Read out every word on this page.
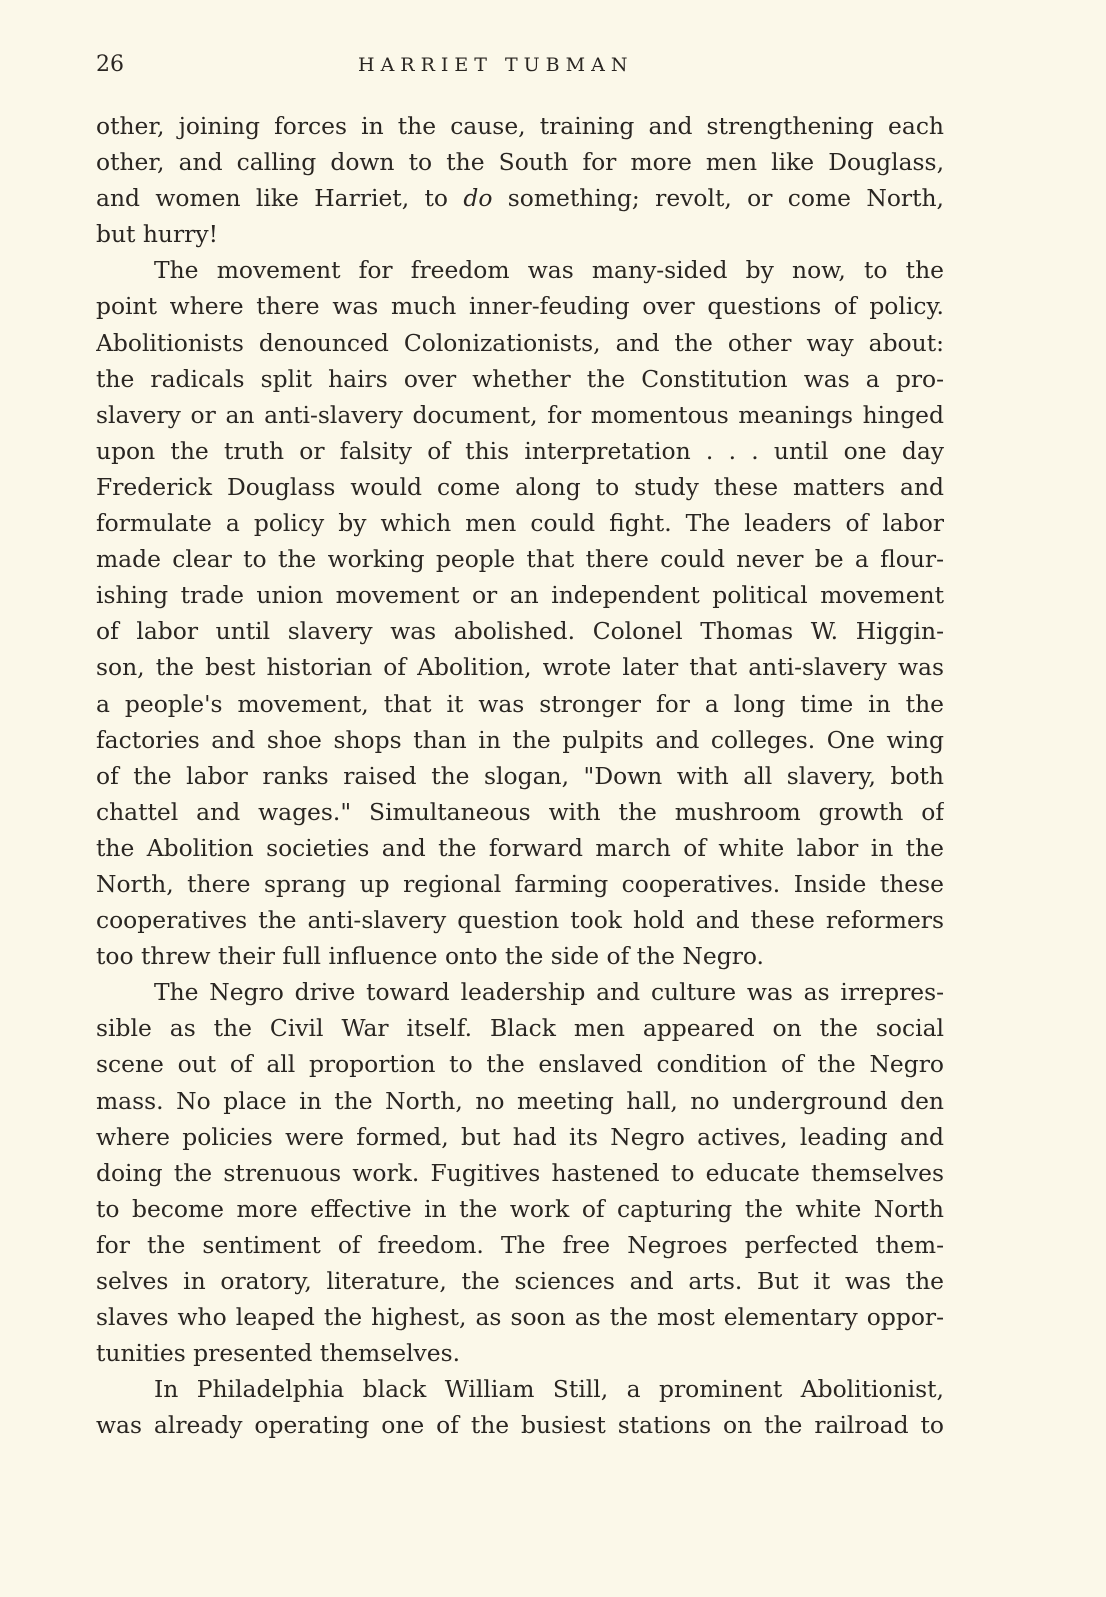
26	HARRIET TUBMAN
other, joining forces in the cause, training and strengthening each
other, and calling down to the South for more men like Douglass,
and women like Harriet, to do something; revolt, or come North,
but hurry!
The movement for freedom was many-sided by now, to the
point where there was much inner-feuding over questions of policy.
Abolitionists denounced Colonizationists, and the other way about:
the radicals split hairs over whether the Constitution was a pro-
slavery or an anti-slavery document, for momentous meanings hinged
upon the truth or falsity of this interpretation . . . until one day
Frederick Douglass would come along to study these matters and
formulate a policy by which men could fight. The leaders of labor
made clear to the working people that there could never be a flour-
ishing trade union movement or an independent political movement
of labor until slavery was abolished. Colonel Thomas W. Higgin-
son, the best historian of Abolition, wrote later that anti-slavery was
a people's movement, that it was stronger for a long time in the
factories and shoe shops than in the pulpits and colleges. One wing
of the labor ranks raised the slogan, "Down with all slavery, both
chattel and wages." Simultaneous with the mushroom growth of
the Abolition societies and the forward march of white labor in the
North, there sprang up regional farming cooperatives. Inside these
cooperatives the anti-slavery question took hold and these reformers
too threw their full influence onto the side of the Negro.
The Negro drive toward leadership and culture was as irrepres-
sible as the Civil War itself. Black men appeared on the social
scene out of all proportion to the enslaved condition of the Negro
mass. No place in the North, no meeting hall, no underground den
where policies were formed, but had its Negro actives, leading and
doing the strenuous work. Fugitives hastened to educate themselves
to become more effective in the work of capturing the white North
for the sentiment of freedom. The free Negroes perfected them-
selves in oratory, literature, the sciences and arts. But it was the
slaves who leaped the highest, as soon as the most elementary oppor-
tunities presented themselves.
In Philadelphia black William Still, a prominent Abolitionist,
was already operating one of the busiest stations on the railroad to
